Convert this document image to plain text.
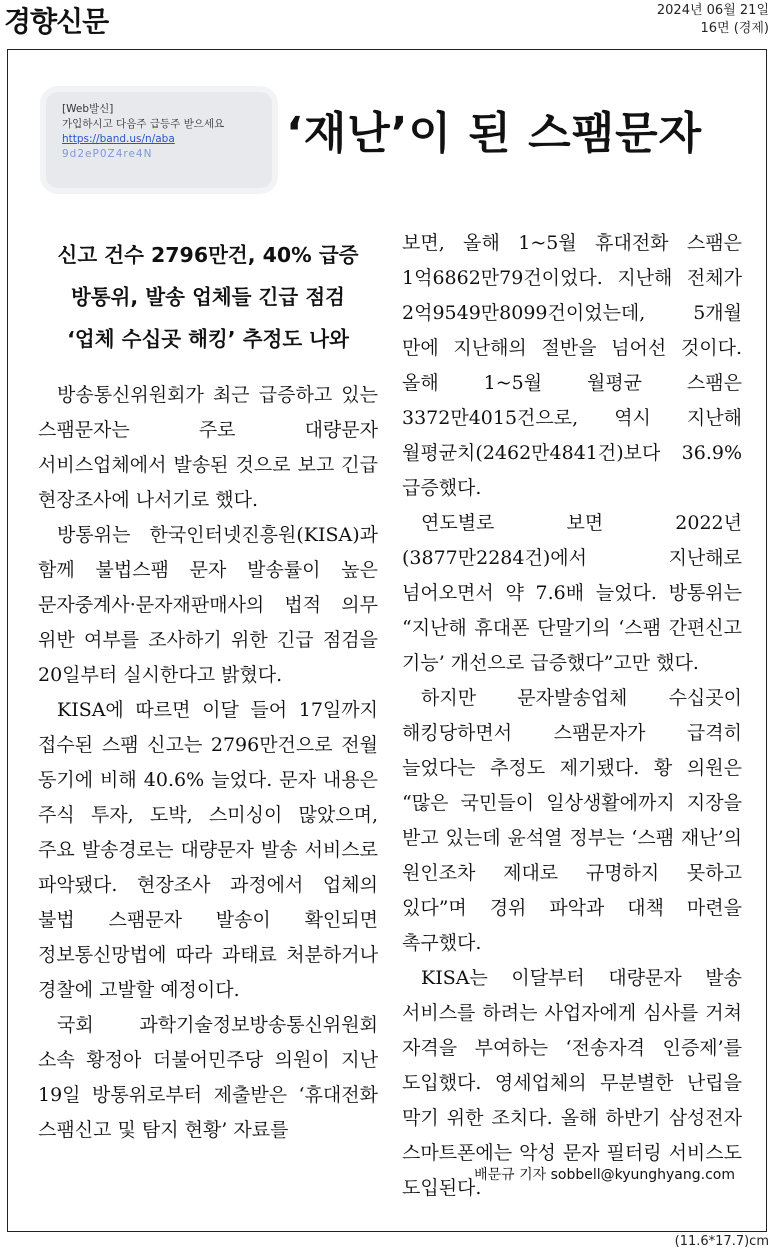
경향신문	2024년 06월 21일
16면 (경제)
[Web발신]
가입하시고 다음주 급등주 받으세요
https://band.us/n/aba
9d2eP0Z4re4N	‘재난’이 된 스팸문자
신고 건수 2796만건, 40% 급증
방통위, 발송 업체들 긴급 점검
‘업체 수십곳 해킹’ 추정도 나와

방송통신위원회가 최근 급증하고 있는 스팸문자는 주로 대량문자 서비스업체에서 발송된 것으로 보고 긴급 현장조사에 나서기로 했다.

방통위는 한국인터넷진흥원(KISA)과 함께 불법스팸 문자 발송률이 높은 문자중계사·문자재판매사의 법적 의무 위반 여부를 조사하기 위한 긴급 점검을 20일부터 실시한다고 밝혔다.

KISA에 따르면 이달 들어 17일까지 접수된 스팸 신고는 2796만건으로 전월 동기에 비해 40.6% 늘었다. 문자 내용은 주식 투자, 도박, 스미싱이 많았으며, 주요 발송경로는 대량문자 발송 서비스로 파악됐다. 현장조사 과정에서 업체의 불법 스팸문자 발송이 확인되면 정보통신망법에 따라 과태료 처분하거나 경찰에 고발할 예정이다.

국회 과학기술정보방송통신위원회 소속 황정아 더불어민주당 의원이 지난 19일 방통위로부터 제출받은 ‘휴대전화 스팸신고 및 탐지 현황’ 자료를

보면, 올해 1~5월 휴대전화 스팸은 1억6862만79건이었다. 지난해 전체가 2억9549만8099건이었는데, 5개월 만에 지난해의 절반을 넘어선 것이다. 올해 1~5월 월평균 스팸은 3372만4015건으로, 역시 지난해 월평균치(2462만4841건)보다 36.9% 급증했다.

연도별로 보면 2022년(3877만2284건)에서 지난해로 넘어오면서 약 7.6배 늘었다. 방통위는 “지난해 휴대폰 단말기의 ‘스팸 간편신고 기능’ 개선으로 급증했다”고만 했다.

하지만 문자발송업체 수십곳이 해킹당하면서 스팸문자가 급격히 늘었다는 추정도 제기됐다. 황 의원은 “많은 국민들이 일상생활에까지 지장을 받고 있는데 윤석열 정부는 ‘스팸 재난’의 원인조차 제대로 규명하지 못하고 있다”며 경위 파악과 대책 마련을 촉구했다.

KISA는 이달부터 대량문자 발송 서비스를 하려는 사업자에게 심사를 거쳐 자격을 부여하는 ‘전송자격 인증제’를 도입했다. 영세업체의 무분별한 난립을 막기 위한 조치다. 올해 하반기 삼성전자 스마트폰에는 악성 문자 필터링 서비스도 도입된다.

배문규 기자 sobbell@kyunghyang.com
(11.6*17.7)cm
